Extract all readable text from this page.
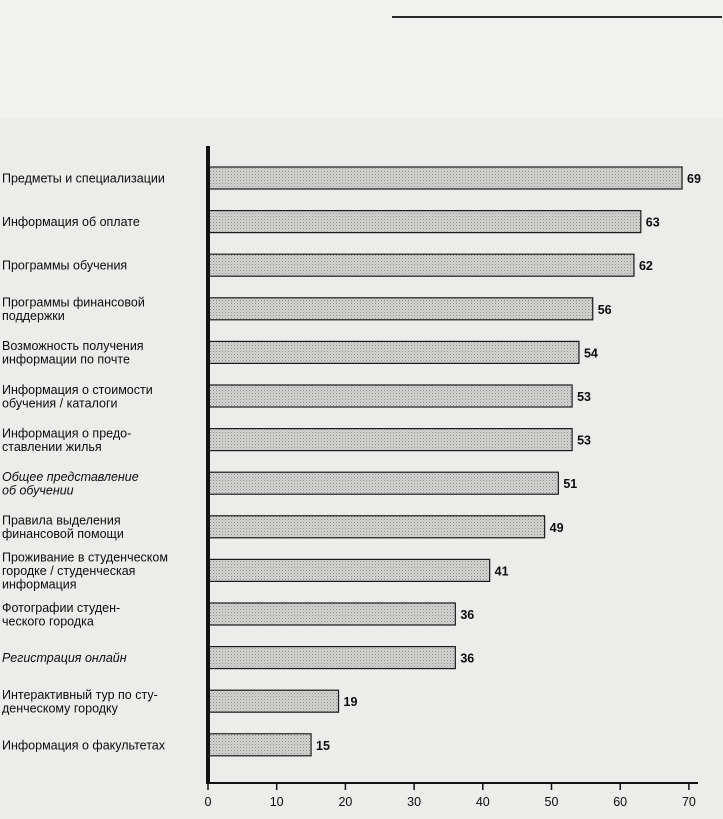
Предметы и специализации
Информация об оплате
Программы обучения
Программы финансовой поддержки
Возможность получения информации по почте
Информация о стоимости обучения / каталоги
Информация о предо-ставлении жилья
Общее представление об обучении
Правила выделения финансовой помощи
Проживание в студенческом городке / студенческая информация
Фотографии студен-ческого городка
Регистрация онлайн
Интерактивный тур по сту-денческому городку
Информация о факультетах
69
63
62
56
54
53
53
51
49
41
36
36
19
15
0	10	20	30	40	50	60	70
